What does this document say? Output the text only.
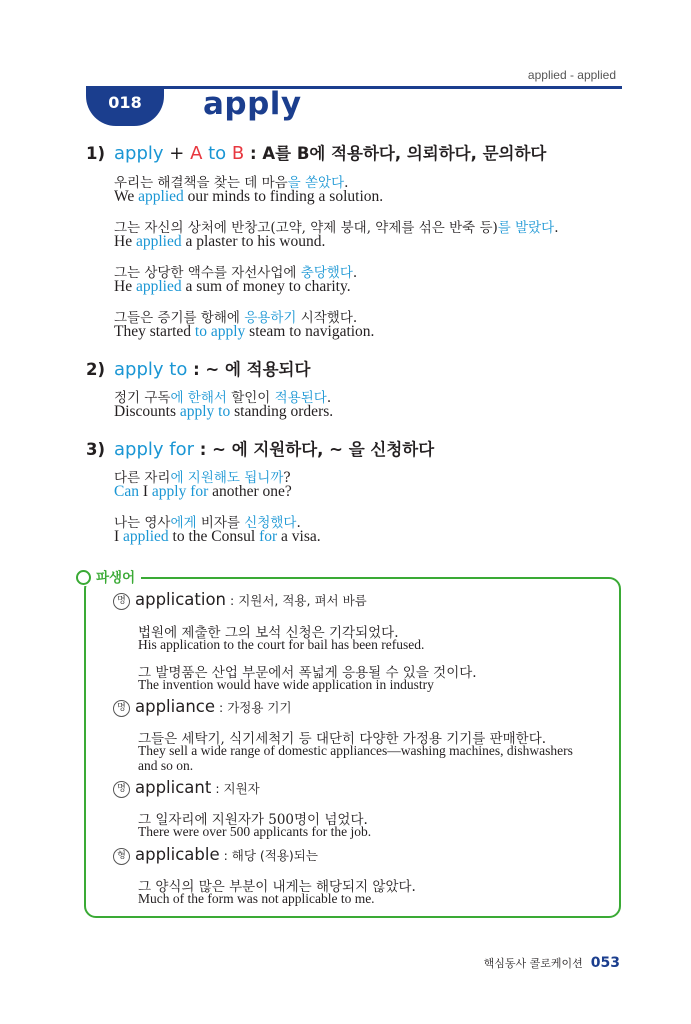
applied - applied
018	apply
1) apply + A to B : A를 B에 적용하다, 의뢰하다, 문의하다
우리는 해결책을 찾는 데 마음을 쏟았다.
We applied our minds to finding a solution.
그는 자신의 상처에 반창고(고약, 약제 붕대, 약제를 섞은 반죽 등)를 발랐다.
He applied a plaster to his wound.
그는 상당한 액수를 자선사업에 충당했다.
He applied a sum of money to charity.
그들은 증기를 항해에 응용하기 시작했다.
They started to apply steam to navigation.
2) apply to : ~ 에 적용되다
정기 구독에 한해서 할인이 적용된다.
Discounts apply to standing orders.
3) apply for : ~ 에 지원하다, ~ 을 신청하다
다른 자리에 지원해도 됩니까?
Can I apply for another one?
나는 영사에게 비자를 신청했다.
I applied to the Consul for a visa.
파생어
명 application : 지원서, 적용, 펴서 바름
법원에 제출한 그의 보석 신청은 기각되었다.
His application to the court for bail has been refused.
그 발명품은 산업 부문에서 폭넓게 응용될 수 있을 것이다.
The invention would have wide application in industry
명 appliance : 가정용 기기
그들은 세탁기, 식기세척기 등 대단히 다양한 가정용 기기를 판매한다.
They sell a wide range of domestic appliances—washing machines, dishwashers and so on.
명 applicant : 지원자
그 일자리에 지원자가 500명이 넘었다.
There were over 500 applicants for the job.
형 applicable : 해당 (적용)되는
그 양식의 많은 부분이 내게는 해당되지 않았다.
Much of the form was not applicable to me.
핵심동사 콜로케이션 053
